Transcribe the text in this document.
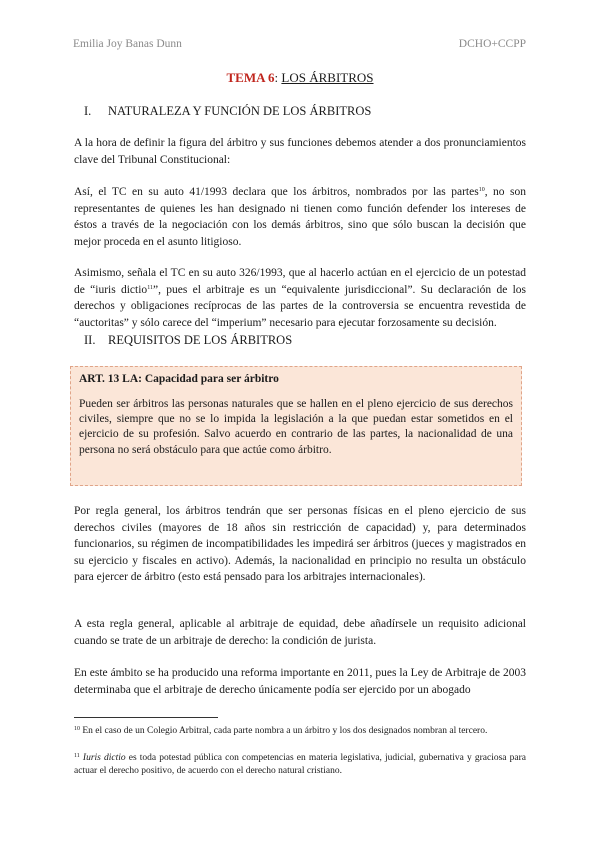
Emilia Joy Banas Dunn	DCHO+CCPP
TEMA 6: LOS ÁRBITROS
I. NATURALEZA Y FUNCIÓN DE LOS ÁRBITROS

A la hora de definir la figura del árbitro y sus funciones debemos atender a dos pronunciamientos clave del Tribunal Constitucional:

Así, el TC en su auto 41/1993 declara que los árbitros, nombrados por las partes$^{10}$, no son representantes de quienes les han designado ni tienen como función defender los intereses de éstos a través de la negociación con los demás árbitros, sino que sólo buscan la decisión que mejor proceda en el asunto litigioso.

Asimismo, señala el TC en su auto 326/1993, que al hacerlo actúan en el ejercicio de un potestad de “iuris dictio$^{11}$”, pues el arbitraje es un “equivalente jurisdiccional”. Su declaración de los derechos y obligaciones recíprocas de las partes de la controversia se encuentra revestida de “auctoritas” y sólo carece del “imperium” necesario para ejecutar forzosamente su decisión.

II. REQUISITOS DE LOS ÁRBITROS
ART. 13 LA: Capacidad para ser árbitro

Pueden ser árbitros las personas naturales que se hallen en el pleno ejercicio de sus derechos civiles, siempre que no se lo impida la legislación a la que puedan estar sometidos en el ejercicio de su profesión. Salvo acuerdo en contrario de las partes, la nacionalidad de una persona no será obstáculo para que actúe como árbitro.

Por regla general, los árbitros tendrán que ser personas físicas en el pleno ejercicio de sus derechos civiles (mayores de 18 años sin restricción de capacidad) y, para determinados funcionarios, su régimen de incompatibilidades les impedirá ser árbitros (jueces y magistrados en su ejercicio y fiscales en activo). Además, la nacionalidad en principio no resulta un obstáculo para ejercer de árbitro (esto está pensado para los arbitrajes internacionales).

A esta regla general, aplicable al arbitraje de equidad, debe añadírsele un requisito adicional cuando se trate de un arbitraje de derecho: la condición de jurista.

En este ámbito se ha producido una reforma importante en 2011, pues la Ley de Arbitraje de 2003 determinaba que el arbitraje de derecho únicamente podía ser ejercido por un abogado

$^{10}$ En el caso de un Colegio Arbitral, cada parte nombra a un árbitro y los dos designados nombran al tercero.

$^{11}$ Iuris dictio es toda potestad pública con competencias en materia legislativa, judicial, gubernativa y graciosa para actuar el derecho positivo, de acuerdo con el derecho natural cristiano.
